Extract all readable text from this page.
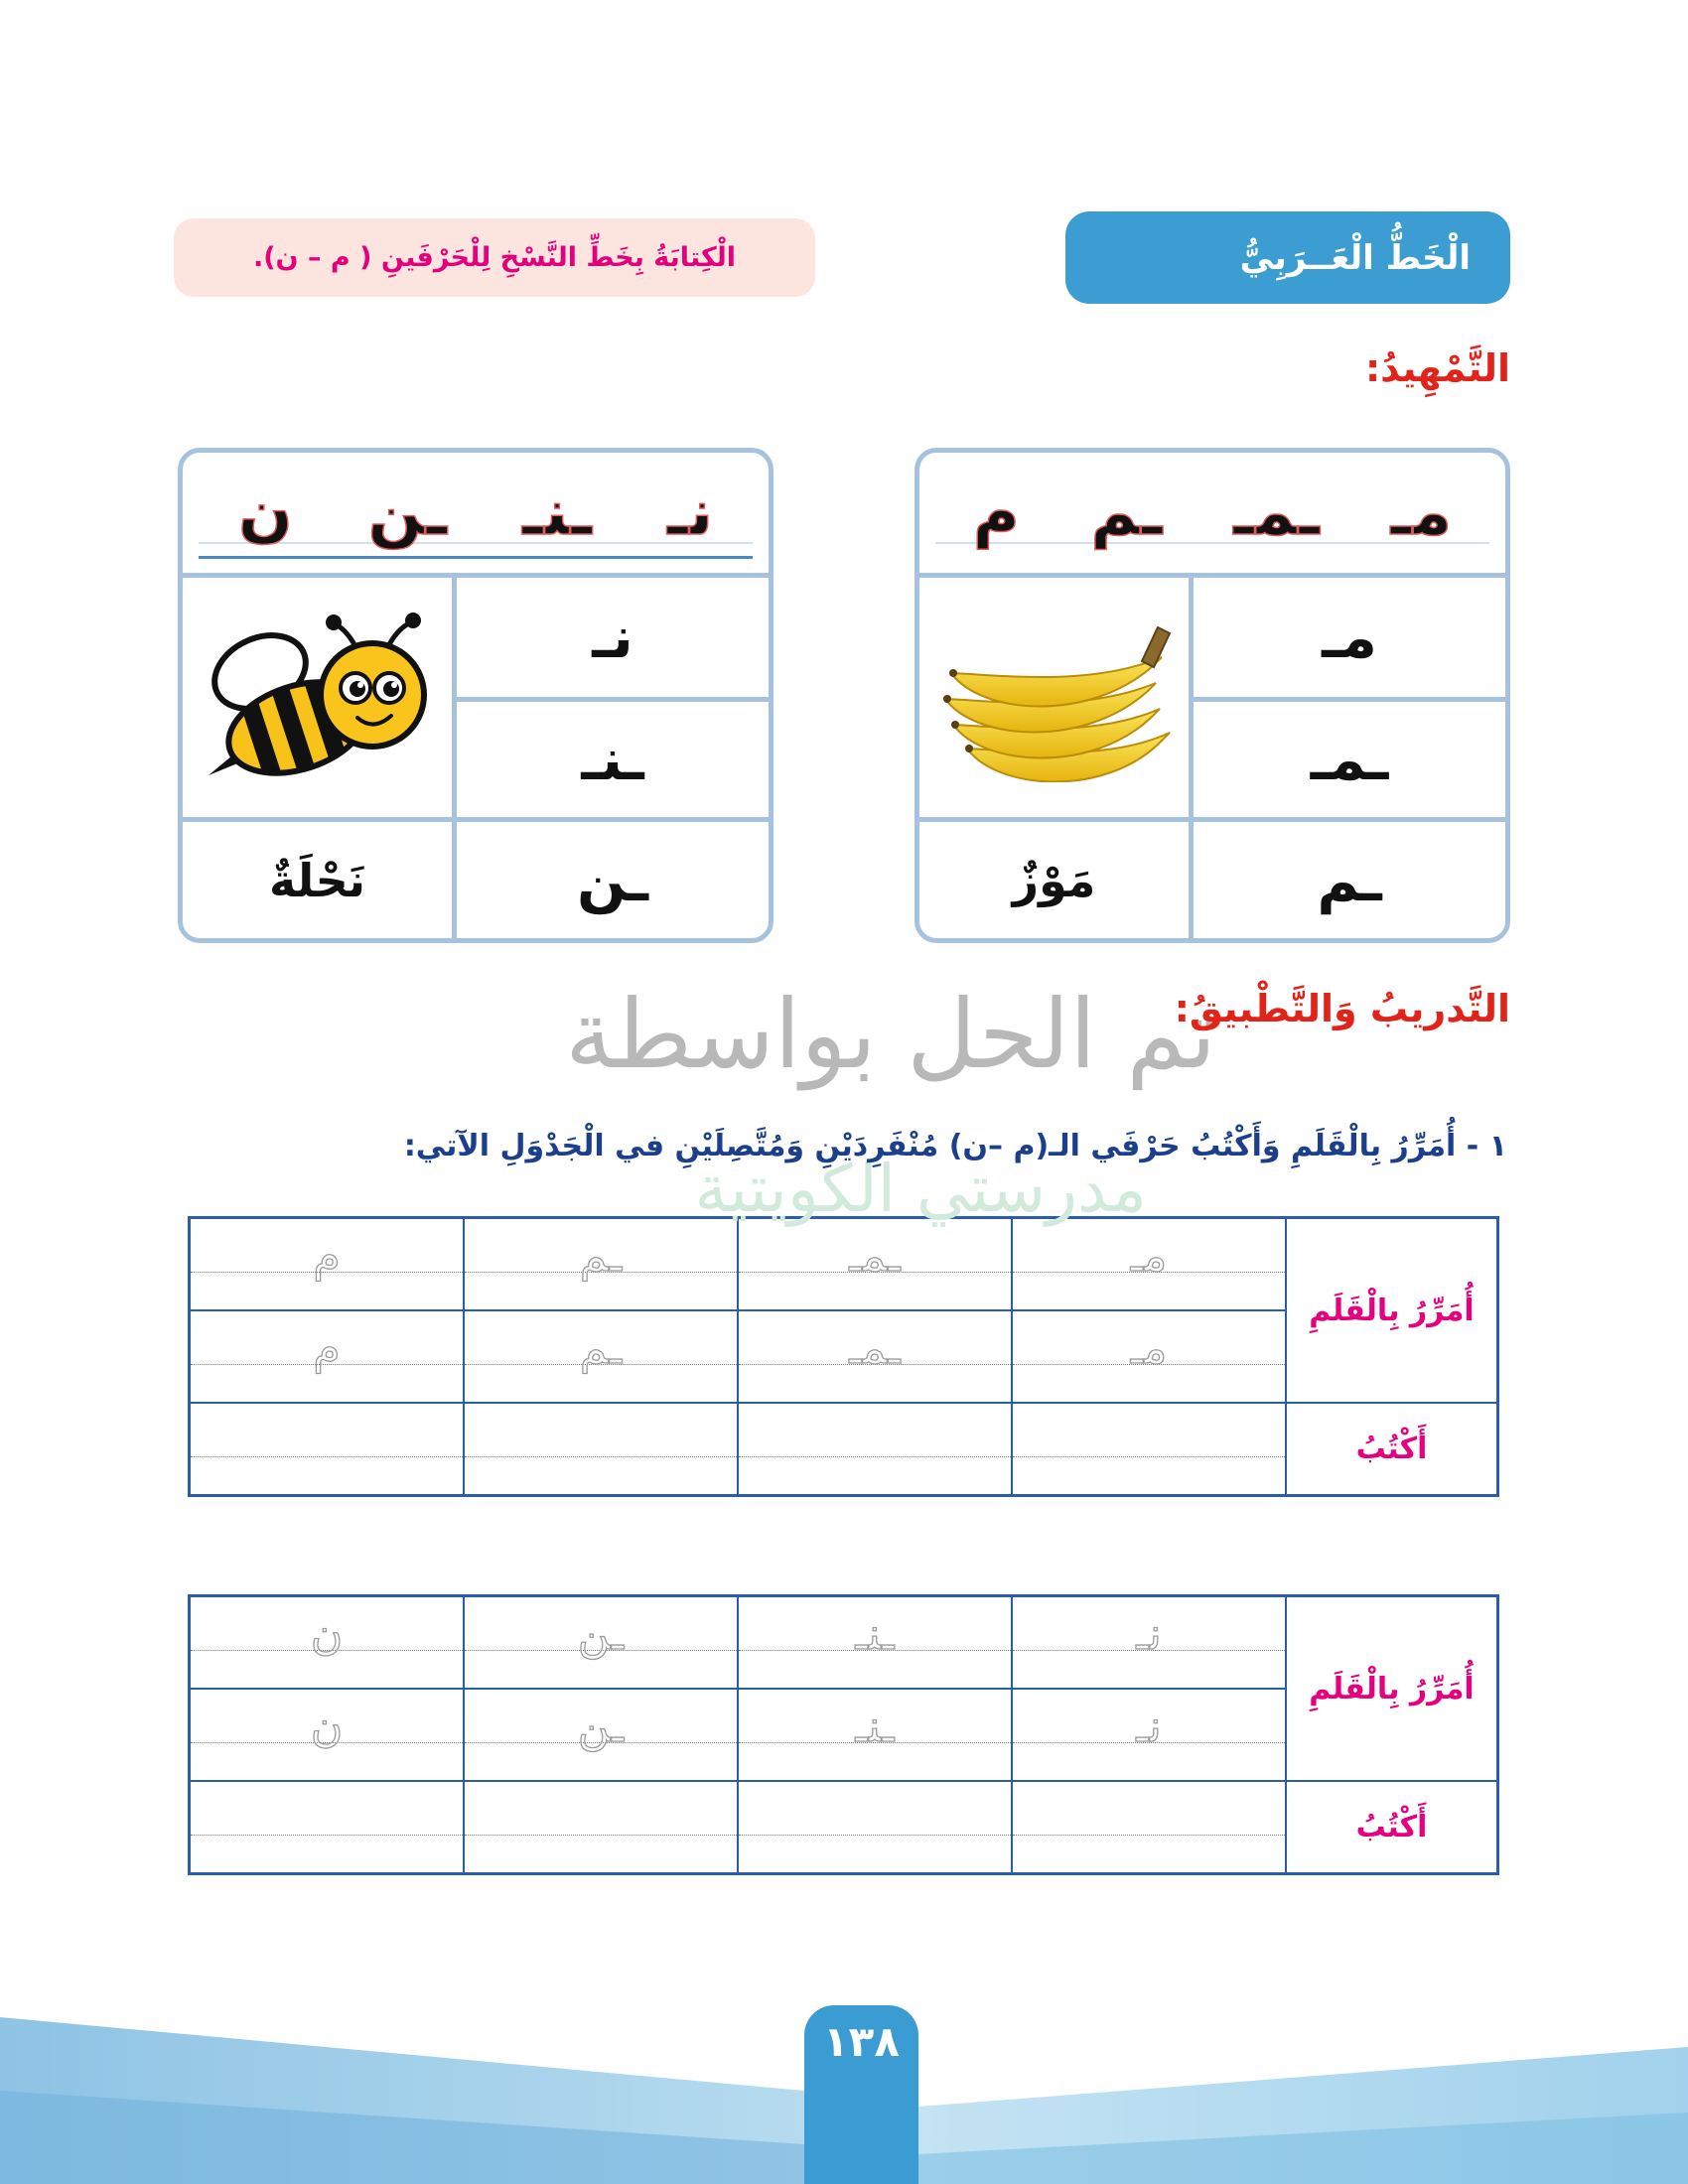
الْخَطُّ الْعَــرَبِيُّ
الْكِتابَةُ بِخَطِّ النَّسْخِ لِلْحَرْفَينِ ( م – ن).
التَّمْهِيدُ:
مـ
ـمـ
ـم
م
مـ
ـمـ
ـم
مَوْزٌ
نـ
ـنـ
ـن
ن
نـ
ـنـ
ـن
نَحْلَةٌ
التَّدريبُ وَالتَّطْبيقُ:
تم الحل بواسطة
مدرستي الكويتية
١ - أُمَرِّرُ بِالْقَلَمِ وَأَكْتُبُ حَرْفَي الـ(م –ن) مُنْفَرِدَيْنِ وَمُتَّصِلَيْنِ في الْجَدْوَلِ الآتي:
أُمَرِّرُ بِالْقَلَمِ
مـ
ـمـ
ـم
م
مـ
ـمـ
ـم
م
أَكْتُبُ
أُمَرِّرُ بِالْقَلَمِ
نـ
ـنـ
ـن
ن
نـ
ـنـ
ـن
ن
أَكْتُبُ
١٣٨
